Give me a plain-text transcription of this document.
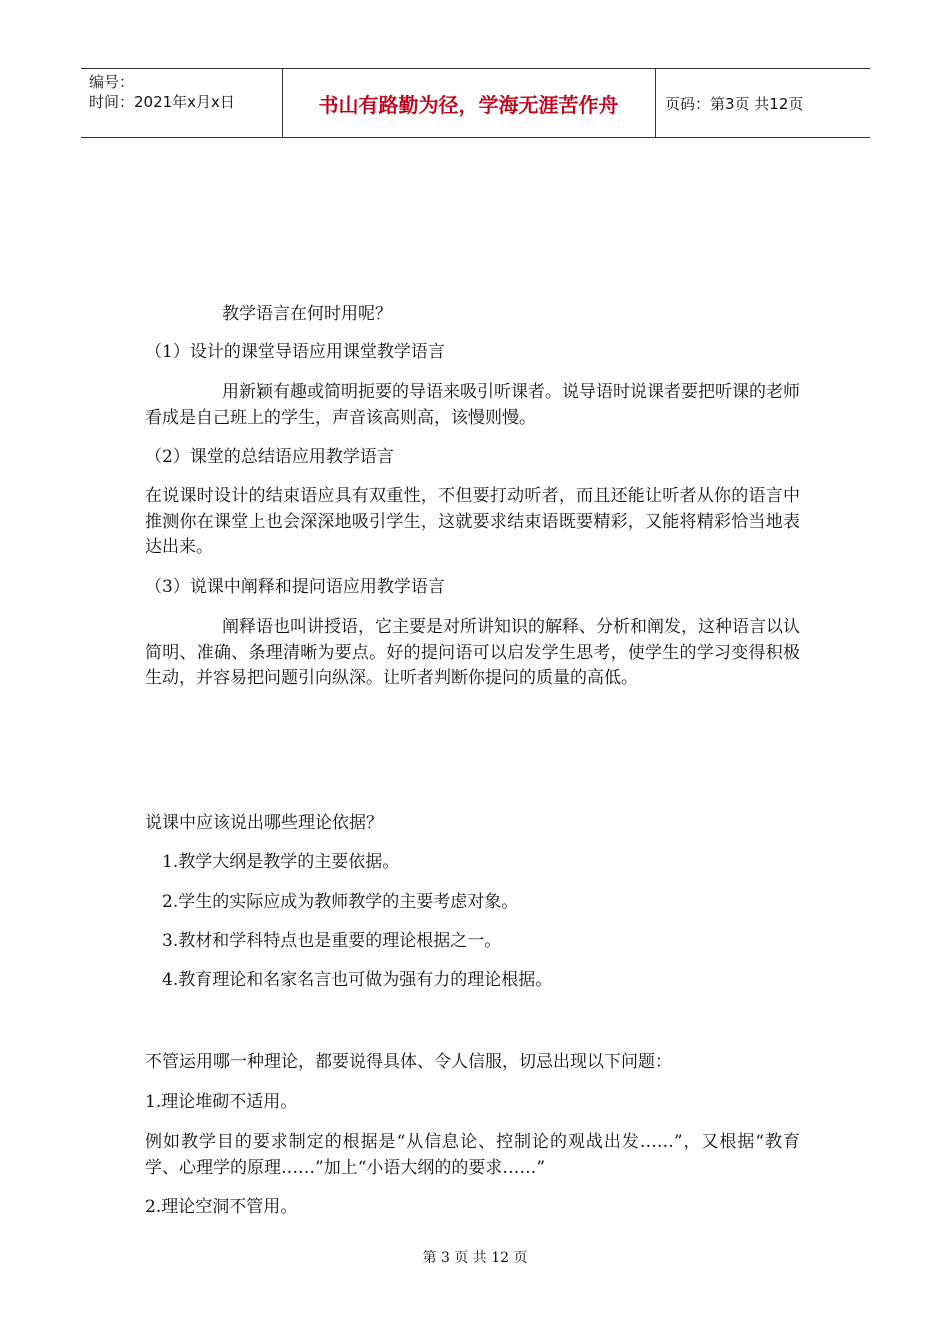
编号：
时间：2021年x月x日	书山有路勤为径，学海无涯苦作舟	页码：第3页 共12页

教学语言在何时用呢？

（1）设计的课堂导语应用课堂教学语言

用新颖有趣或简明扼要的导语来吸引听课者。说导语时说课者要把听课的老师看成是自己班上的学生，声音该高则高，该慢则慢。

（2）课堂的总结语应用教学语言

在说课时设计的结束语应具有双重性，不但要打动听者，而且还能让听者从你的语言中推测你在课堂上也会深深地吸引学生，这就要求结束语既要精彩，又能将精彩恰当地表达出来。

（3）说课中阐释和提问语应用教学语言

阐释语也叫讲授语，它主要是对所讲知识的解释、分析和阐发，这种语言以认简明、准确、条理清晰为要点。好的提问语可以启发学生思考，使学生的学习变得积极生动，并容易把问题引向纵深。让听者判断你提问的质量的高低。

说课中应该说出哪些理论依据？

1.教学大纲是教学的主要依据。

2.学生的实际应成为教师教学的主要考虑对象。

3.教材和学科特点也是重要的理论根据之一。

4.教育理论和名家名言也可做为强有力的理论根据。

不管运用哪一种理论，都要说得具体、令人信服，切忌出现以下问题：

1.理论堆砌不适用。

例如教学目的要求制定的根据是“从信息论、控制论的观战出发……”，又根据“教育学、心理学的原理……”加上“小语大纲的的要求……”

2.理论空洞不管用。

第 3 页 共 12 页
